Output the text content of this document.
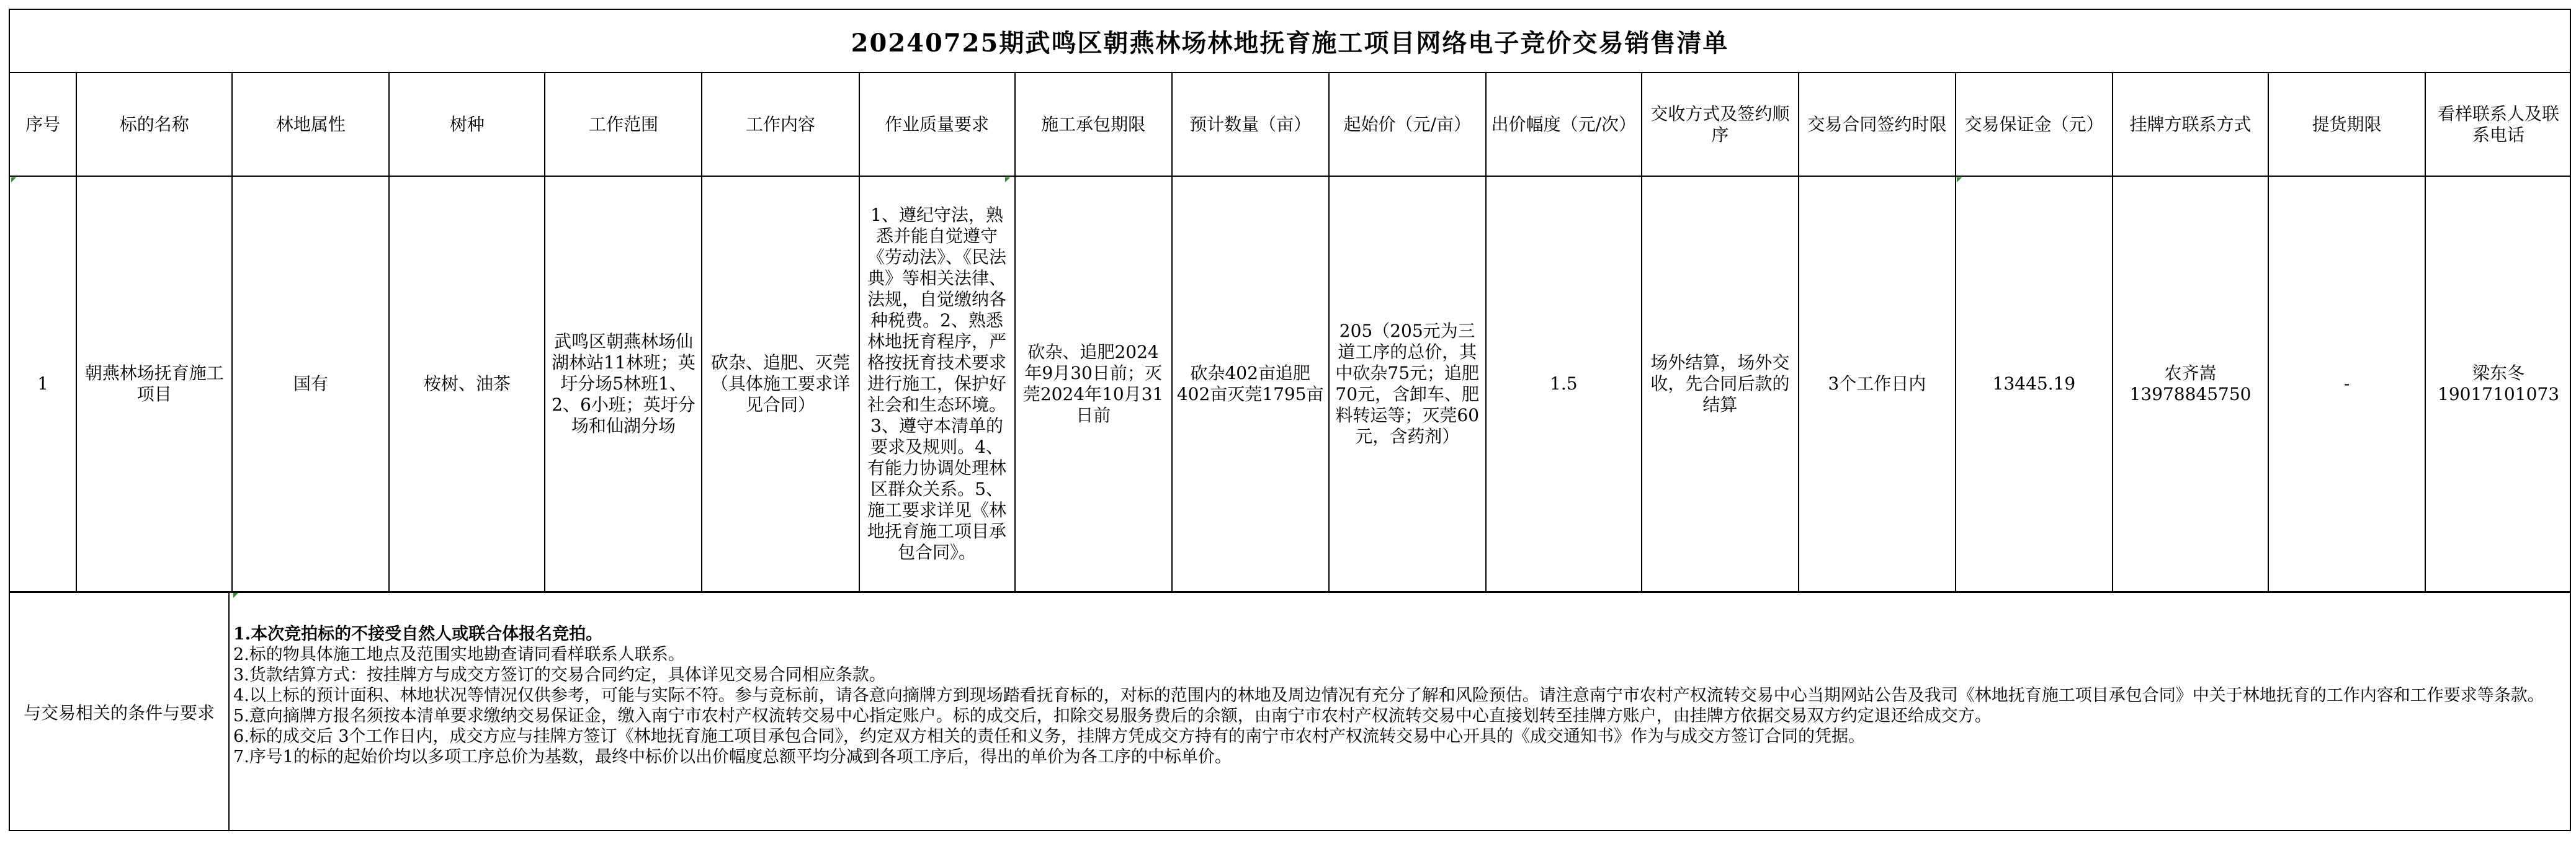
20240725期武鸣区朝燕林场林地抚育施工项目网络电子竞价交易销售清单
序号	标的名称	林地属性	树种	工作范围	工作内容	作业质量要求	施工承包期限	预计数量（亩）	起始价（元/亩）	出价幅度（元/次）	交收方式及签约顺序	交易合同签约时限	交易保证金（元）	挂牌方联系方式	提货期限	看样联系人及联系电话
1	朝燕林场抚育施工项目	国有	桉树、油茶	武鸣区朝燕林场仙湖林站11林班；英圩分场5林班1、2、6小班；英圩分场和仙湖分场	砍杂、追肥、灭莞（具体施工要求详见合同）	1、遵纪守法，熟悉并能自觉遵守《劳动法》、《民法典》等相关法律、法规，自觉缴纳各种税费。2、熟悉林地抚育程序，严格按抚育技术要求进行施工，保护好社会和生态环境。3、遵守本清单的要求及规则。4、有能力协调处理林区群众关系。5、施工要求详见《林地抚育施工项目承包合同》。	砍杂、追肥2024年9月30日前；灭莞2024年10月31日前	砍杂402亩追肥402亩灭莞1795亩	205（205元为三道工序的总价，其中砍杂75元；追肥70元，含卸车、肥料转运等；灭莞60元，含药剂）	1.5	场外结算，场外交收，先合同后款的结算	3个工作日内	13445.19	农齐嵩13978845750	-	梁东冬19017101073
与交易相关的条件与要求

1.本次竞拍标的不接受自然人或联合体报名竞拍。

2.标的物具体施工地点及范围实地勘查请同看样联系人联系。

3.货款结算方式：按挂牌方与成交方签订的交易合同约定，具体详见交易合同相应条款。

4.以上标的预计面积、林地状况等情况仅供参考，可能与实际不符。参与竞标前，请各意向摘牌方到现场踏看抚育标的，对标的范围内的林地及周边情况有充分了解和风险预估。请注意南宁市农村产权流转交易中心当期网站公告及我司《林地抚育施工项目承包合同》中关于林地抚育的工作内容和工作要求等条款。

5.意向摘牌方报名须按本清单要求缴纳交易保证金，缴入南宁市农村产权流转交易中心指定账户。标的成交后，扣除交易服务费后的余额，由南宁市农村产权流转交易中心直接划转至挂牌方账户，由挂牌方依据交易双方约定退还给成交方。

6.标的成交后 3个工作日内，成交方应与挂牌方签订《林地抚育施工项目承包合同》，约定双方相关的责任和义务，挂牌方凭成交方持有的南宁市农村产权流转交易中心开具的《成交通知书》作为与成交方签订合同的凭据。

7.序号1的标的起始价均以多项工序总价为基数，最终中标价以出价幅度总额平均分减到各项工序后，得出的单价为各工序的中标单价。
